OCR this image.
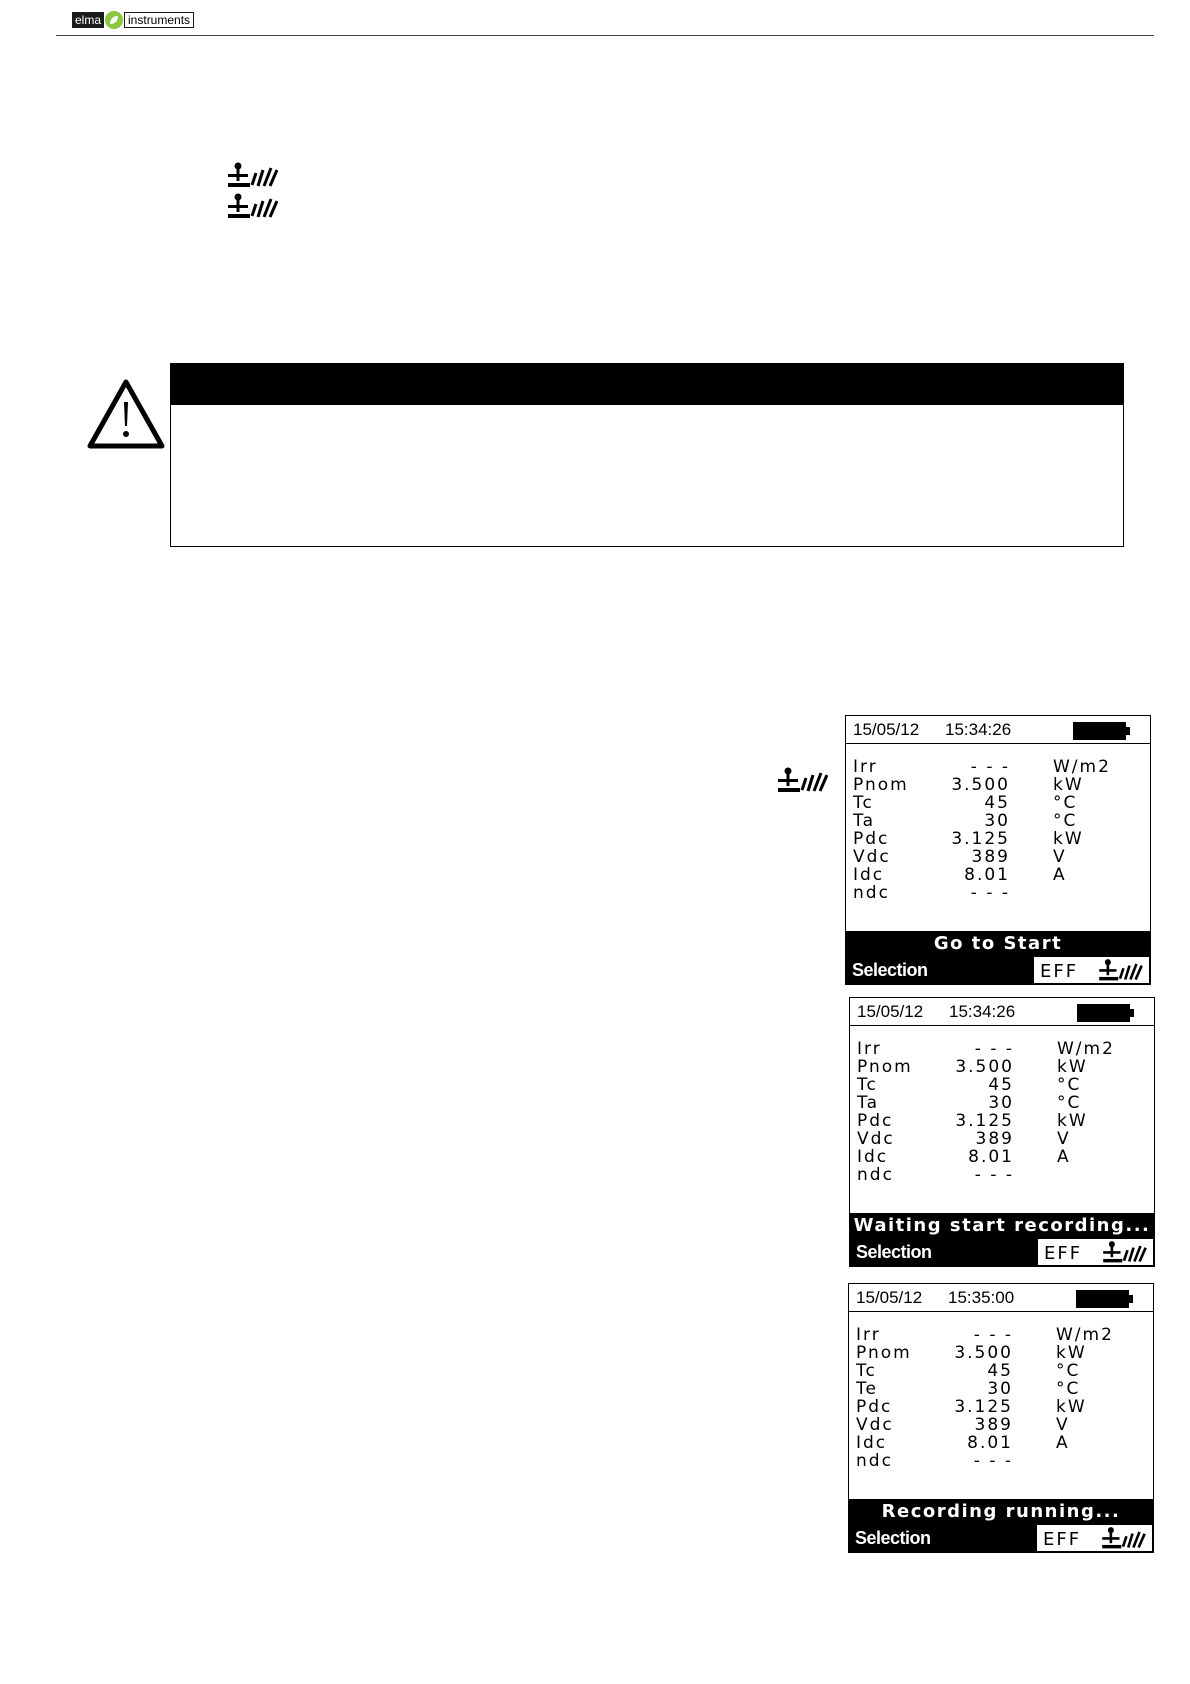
elma	instruments
15/05/12 15:34:26
Irr	- - -	W/m2
Pnom	3.500	kW
Tc	45	°C
Ta	30	°C
Pdc	3.125	kW
Vdc	389	V
Idc	8.01	A
ndc	- - -
Go to Start
Selection	EFF
15/05/12 15:34:26
Irr	- - -	W/m2
Pnom	3.500	kW
Tc	45	°C
Ta	30	°C
Pdc	3.125	kW
Vdc	389	V
Idc	8.01	A
ndc	- - -
Waiting start recording...
Selection	EFF
15/05/12 15:35:00
Irr	- - -	W/m2
Pnom	3.500	kW
Tc	45	°C
Te	30	°C
Pdc	3.125	kW
Vdc	389	V
Idc	8.01	A
ndc	- - -
Recording running...
Selection	EFF
